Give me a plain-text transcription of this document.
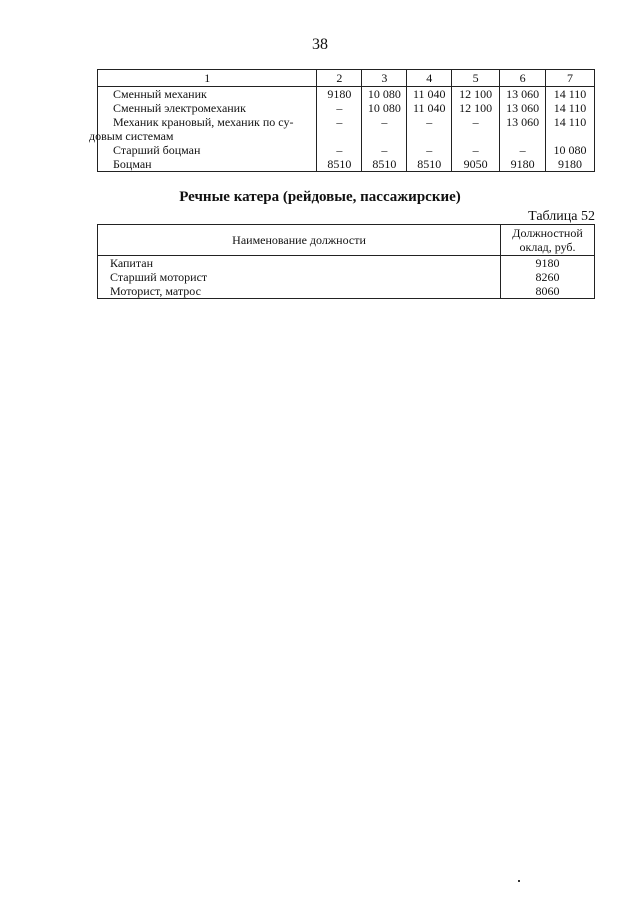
38
1	2	3	4	5	6	7
Сменный механик	9180	10 080	11 040	12 100	13 060	14 110
Сменный электромеханик	–	10 080	11 040	12 100	13 060	14 110
Механик крановый, механик по су-
довым системам	–	–	–	–	13 060	14 110
Старший боцман	–	–	–	–	–	10 080
Боцман	8510	8510	8510	9050	9180	9180
Речные катера (рейдовые, пассажирские)
Таблица 52
Наименование должности	Должностной
оклад, руб.
Капитан	9180
Старший моторист	8260
Моторист, матрос	8060
